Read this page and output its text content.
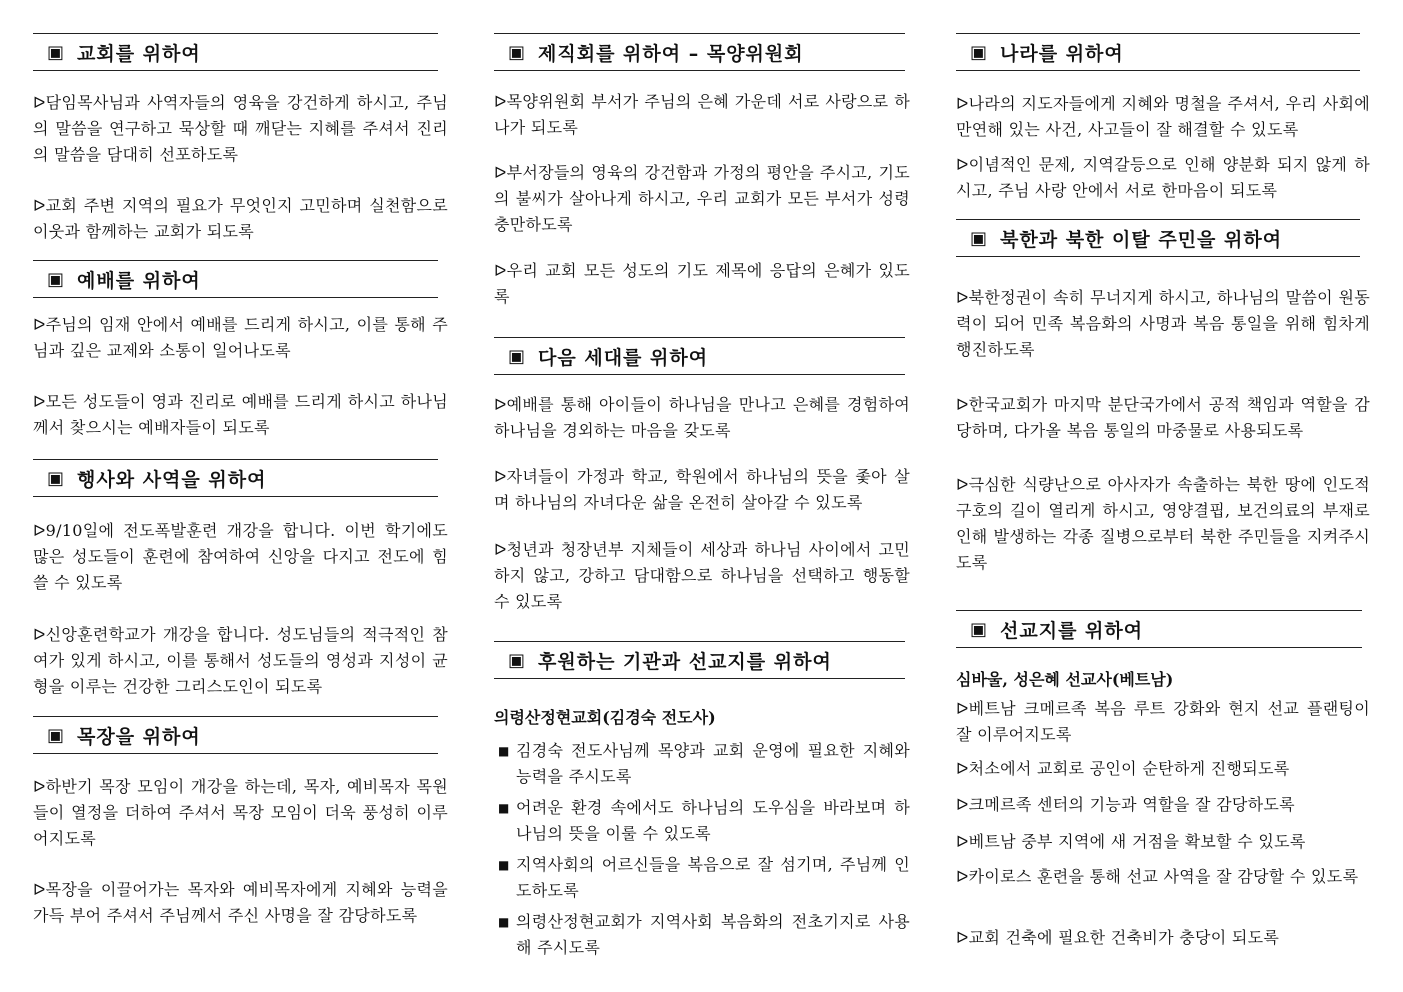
▣ 교회를 위하여

ᐅ담임목사님과 사역자들의 영육을 강건하게 하시고, 주님의 말씀을 연구하고 묵상할 때 깨닫는 지혜를 주셔서 진리의 말씀을 담대히 선포하도록

ᐅ교회 주변 지역의 필요가 무엇인지 고민하며 실천함으로 이웃과 함께하는 교회가 되도록

▣ 예배를 위하여

ᐅ주님의 임재 안에서 예배를 드리게 하시고, 이를 통해 주님과 깊은 교제와 소통이 일어나도록

ᐅ모든 성도들이 영과 진리로 예배를 드리게 하시고 하나님께서 찾으시는 예배자들이 되도록

▣ 행사와 사역을 위하여

ᐅ9/10일에 전도폭발훈련 개강을 합니다. 이번 학기에도 많은 성도들이 훈련에 참여하여 신앙을 다지고 전도에 힘쓸 수 있도록

ᐅ신앙훈련학교가 개강을 합니다. 성도님들의 적극적인 참여가 있게 하시고, 이를 통해서 성도들의 영성과 지성이 균형을 이루는 건강한 그리스도인이 되도록

▣ 목장을 위하여

ᐅ하반기 목장 모임이 개강을 하는데, 목자, 예비목자 목원들이 열정을 더하여 주셔서 목장 모임이 더욱 풍성히 이루어지도록

ᐅ목장을 이끌어가는 목자와 예비목자에게 지혜와 능력을 가득 부어 주셔서 주님께서 주신 사명을 잘 감당하도록

▣ 제직회를 위하여 – 목양위원회

ᐅ목양위원회 부서가 주님의 은혜 가운데 서로 사랑으로 하나가 되도록

ᐅ부서장들의 영육의 강건함과 가정의 평안을 주시고, 기도의 불씨가 살아나게 하시고, 우리 교회가 모든 부서가 성령 충만하도록

ᐅ우리 교회 모든 성도의 기도 제목에 응답의 은혜가 있도록

▣ 다음 세대를 위하여

ᐅ예배를 통해 아이들이 하나님을 만나고 은혜를 경험하여 하나님을 경외하는 마음을 갖도록

ᐅ자녀들이 가정과 학교, 학원에서 하나님의 뜻을 좇아 살며 하나님의 자녀다운 삶을 온전히 살아갈 수 있도록

ᐅ청년과 청장년부 지체들이 세상과 하나님 사이에서 고민하지 않고, 강하고 담대함으로 하나님을 선택하고 행동할 수 있도록

▣ 후원하는 기관과 선교지를 위하여
의령산정현교회(김경숙 전도사)
■ 김경숙 전도사님께 목양과 교회 운영에 필요한 지혜와 능력을 주시도록
■ 어려운 환경 속에서도 하나님의 도우심을 바라보며 하나님의 뜻을 이룰 수 있도록
■ 지역사회의 어르신들을 복음으로 잘 섬기며, 주님께 인도하도록
■ 의령산정현교회가 지역사회 복음화의 전초기지로 사용해 주시도록
▣ 나라를 위하여

ᐅ나라의 지도자들에게 지혜와 명철을 주셔서, 우리 사회에 만연해 있는 사건, 사고들이 잘 해결할 수 있도록

ᐅ이념적인 문제, 지역갈등으로 인해 양분화 되지 않게 하시고, 주님 사랑 안에서 서로 한마음이 되도록

▣ 북한과 북한 이탈 주민을 위하여

ᐅ북한정권이 속히 무너지게 하시고, 하나님의 말씀이 원동력이 되어 민족 복음화의 사명과 복음 통일을 위해 힘차게 행진하도록

ᐅ한국교회가 마지막 분단국가에서 공적 책임과 역할을 감당하며, 다가올 복음 통일의 마중물로 사용되도록

ᐅ극심한 식량난으로 아사자가 속출하는 북한 땅에 인도적 구호의 길이 열리게 하시고, 영양결핍, 보건의료의 부재로 인해 발생하는 각종 질병으로부터 북한 주민들을 지켜주시도록

▣ 선교지를 위하여
심바울, 성은혜 선교사(베트남)

ᐅ베트남 크메르족 복음 루트 강화와 현지 선교 플랜팅이 잘 이루어지도록

ᐅ처소에서 교회로 공인이 순탄하게 진행되도록

ᐅ크메르족 센터의 기능과 역할을 잘 감당하도록

ᐅ베트남 중부 지역에 새 거점을 확보할 수 있도록

ᐅ카이로스 훈련을 통해 선교 사역을 잘 감당할 수 있도록

ᐅ교회 건축에 필요한 건축비가 충당이 되도록
